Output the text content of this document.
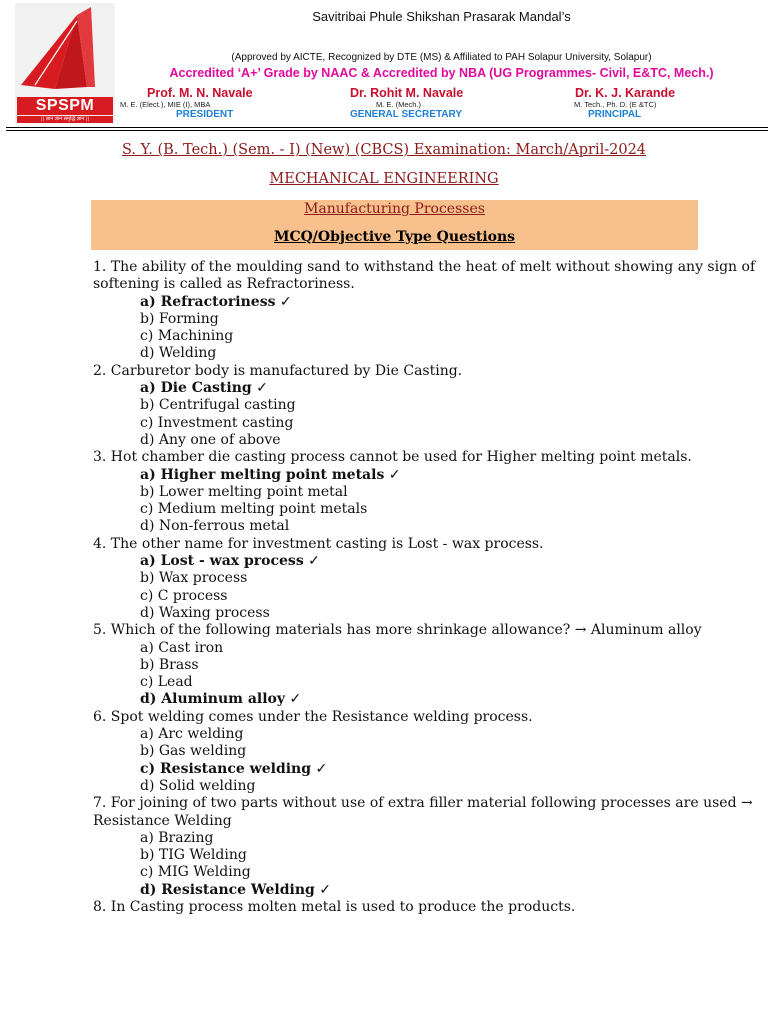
SPSPM
|| ज्ञान ज्ञान समृद्धि ज्ञान ||
Savitribai Phule Shikshan Prasarak Mandal’s
(Approved by AICTE, Recognized by DTE (MS) & Affiliated to PAH Solapur University, Solapur)
Accredited ‘A+’ Grade by NAAC & Accredited by NBA (UG Programmes- Civil, E&TC, Mech.)
Prof. M. N. Navale
M. E. (Elect.), MIE (I), MBA
PRESIDENT
Dr. Rohit M. Navale
M. E. (Mech.)
GENERAL SECRETARY
Dr. K. J. Karande
M. Tech., Ph. D. (E &TC)
PRINCIPAL
S. Y. (B. Tech.) (Sem. - I) (New) (CBCS) Examination: March/April-2024
MECHANICAL ENGINEERING
Manufacturing Processes
MCQ/Objective Type Questions
1. The ability of the moulding sand to withstand the heat of melt without showing any sign of softening is called as Refractoriness.
a) Refractoriness ✓
b) Forming
c) Machining
d) Welding
2. Carburetor body is manufactured by Die Casting.
a) Die Casting ✓
b) Centrifugal casting
c) Investment casting
d) Any one of above
3. Hot chamber die casting process cannot be used for Higher melting point metals.
a) Higher melting point metals ✓
b) Lower melting point metal
c) Medium melting point metals
d) Non-ferrous metal
4. The other name for investment casting is Lost - wax process.
a) Lost - wax process ✓
b) Wax process
c) C process
d) Waxing process
5. Which of the following materials has more shrinkage allowance? → Aluminum alloy
a) Cast iron
b) Brass
c) Lead
d) Aluminum alloy ✓
6. Spot welding comes under the Resistance welding process.
a) Arc welding
b) Gas welding
c) Resistance welding ✓
d) Solid welding
7. For joining of two parts without use of extra filler material following processes are used → Resistance Welding
a) Brazing
b) TIG Welding
c) MIG Welding
d) Resistance Welding ✓
8. In Casting process molten metal is used to produce the products.
